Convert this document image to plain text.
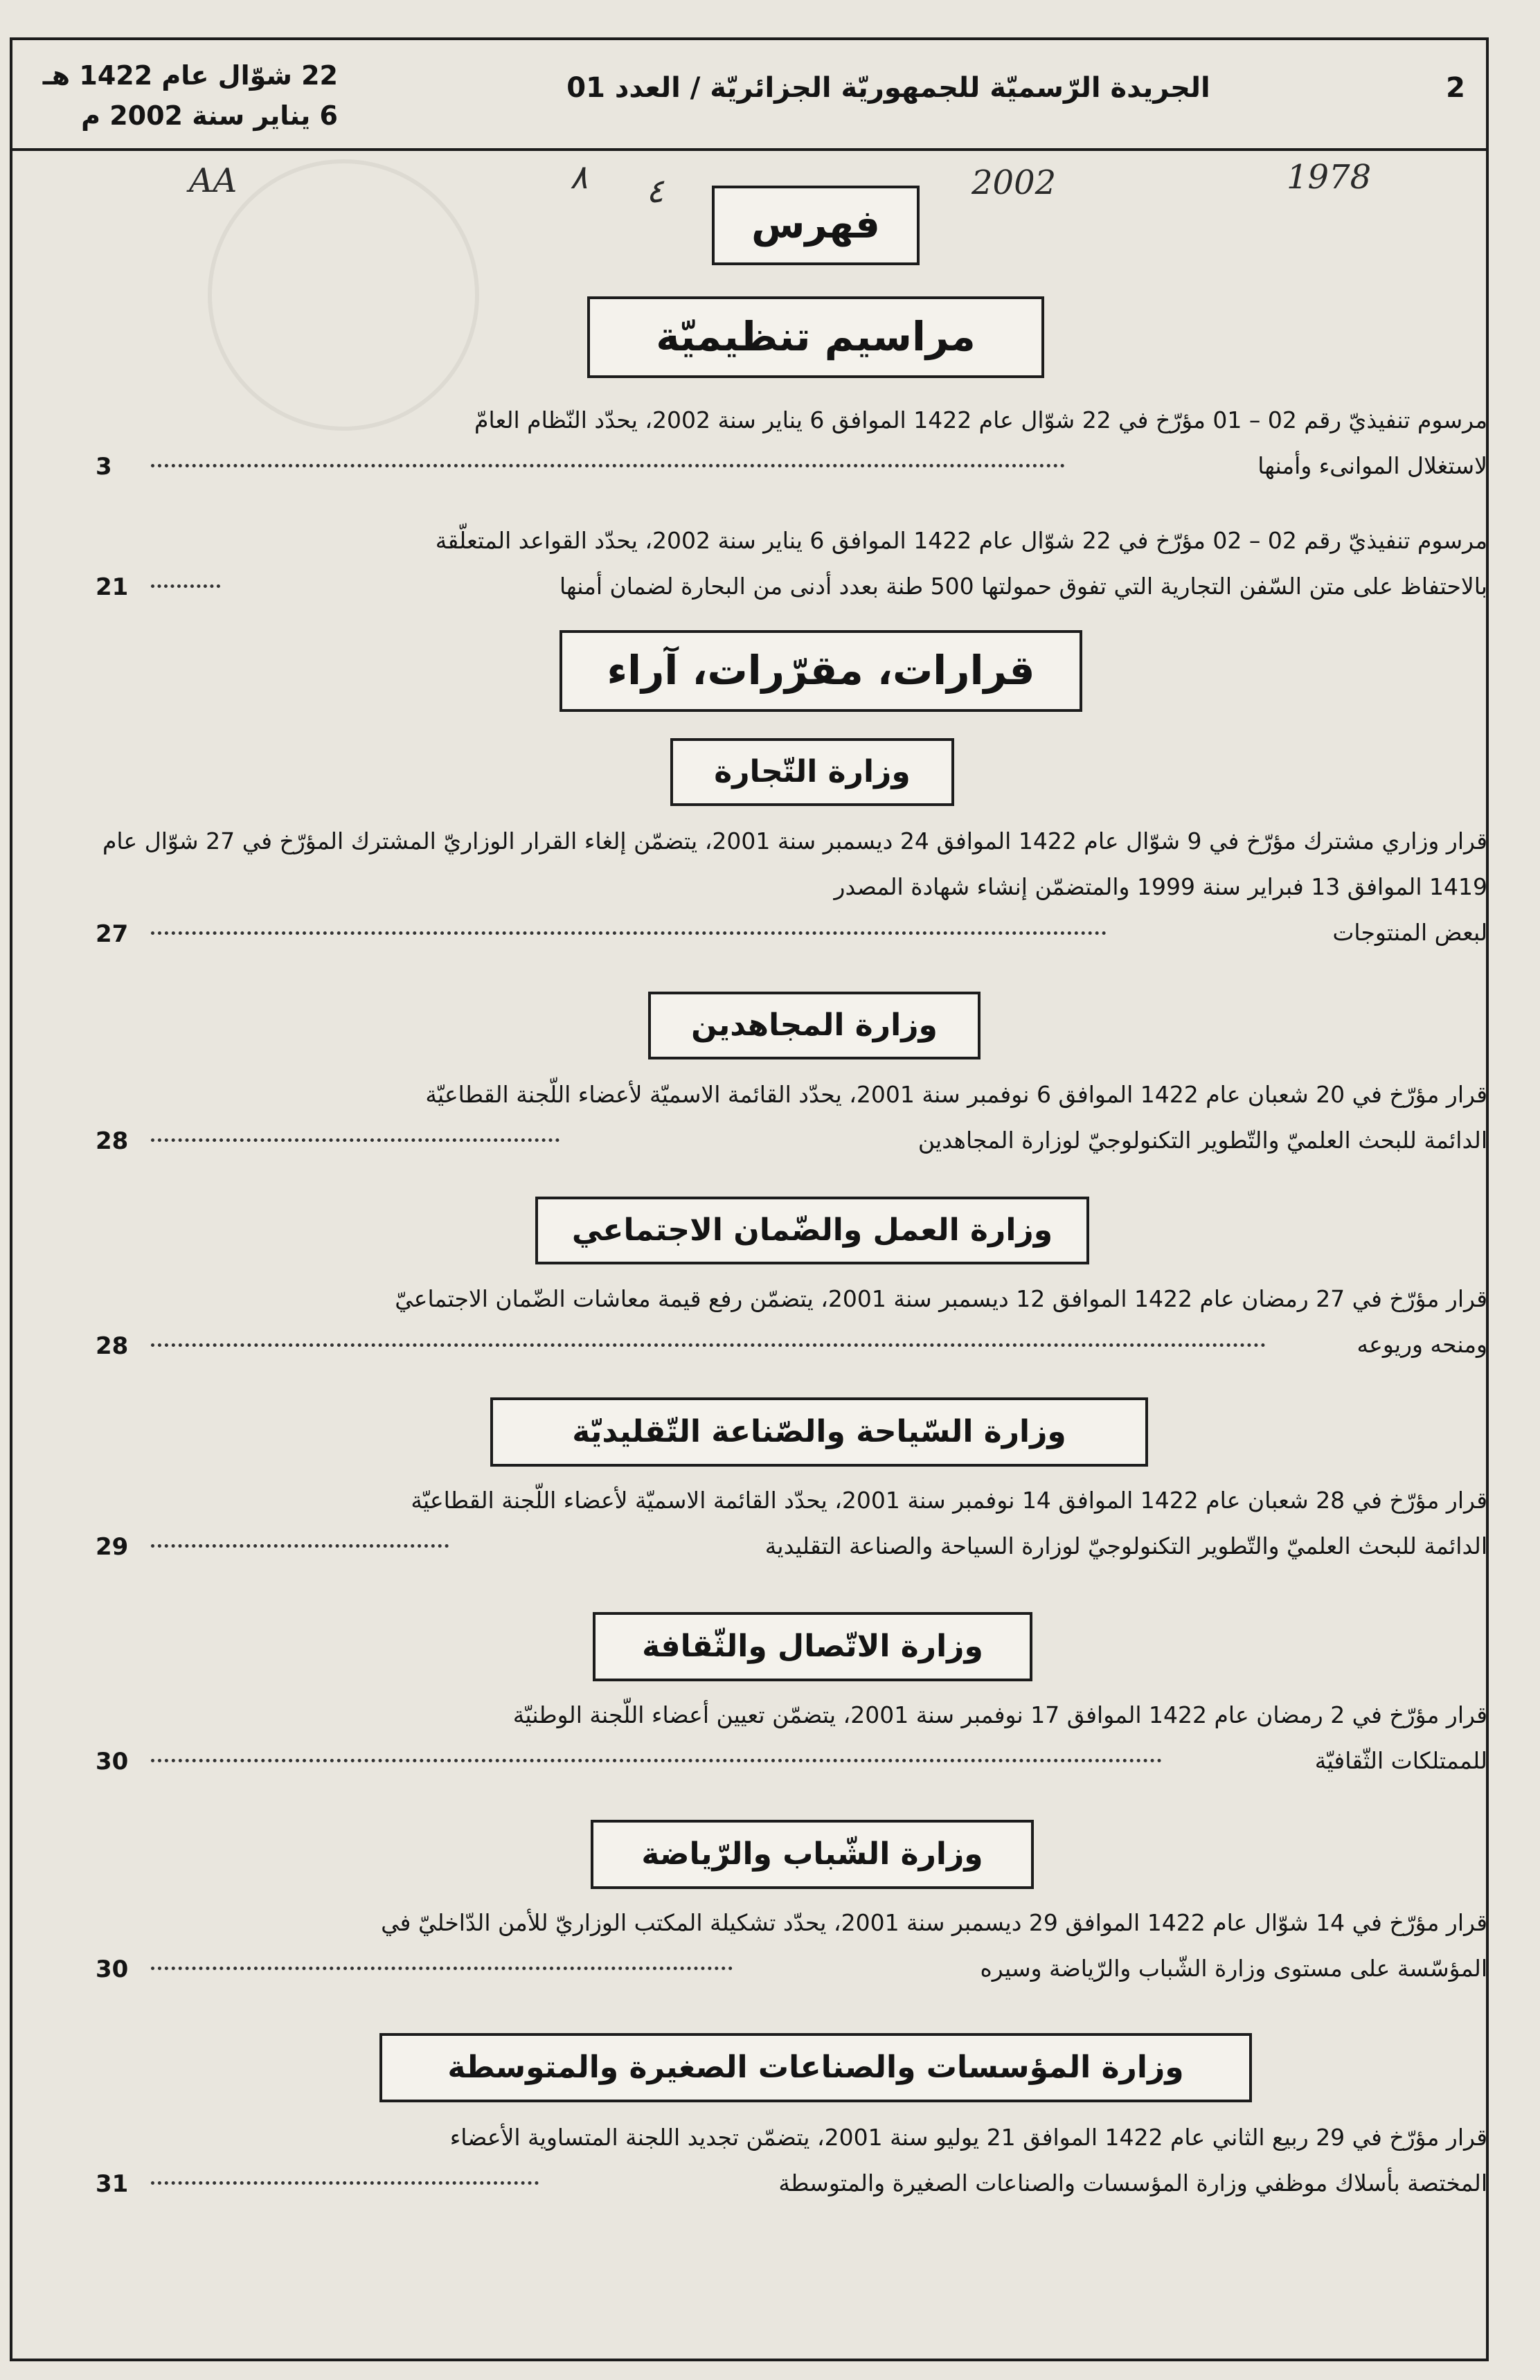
22 شوّال عام 1422 هـ
6 يناير سنة 2002 م
الجريدة الرّسميّة للجمهوريّة الجزائريّة / العدد 01	2
AA	٨ ٤	2002	1978
فهرس
مراسيم تنظيميّة
مرسوم تنفيذيّ رقم 02 – 01 مؤرّخ في 22 شوّال عام 1422 الموافق 6 يناير سنة 2002، يحدّد النّظام العامّ
لاستغلال الموانىء وأمنها
3
مرسوم تنفيذيّ رقم 02 – 02 مؤرّخ في 22 شوّال عام 1422 الموافق 6 يناير سنة 2002، يحدّد القواعد المتعلّقة
بالاحتفاظ على متن السّفن التجارية التي تفوق حمولتها 500 طنة بعدد أدنى من البحارة لضمان أمنها
21
قرارات، مقرّرات، آراء
وزارة التّجارة
قرار وزاري مشترك مؤرّخ في 9 شوّال عام 1422 الموافق 24 ديسمبر سنة 2001، يتضمّن إلغاء القرار الوزاريّ المشترك المؤرّخ في 27 شوّال عام 1419 الموافق 13 فبراير سنة 1999 والمتضمّن إنشاء شهادة المصدر
لبعض المنتوجات
27
وزارة المجاهدين
قرار مؤرّخ في 20 شعبان عام 1422 الموافق 6 نوفمبر سنة 2001، يحدّد القائمة الاسميّة لأعضاء اللّجنة القطاعيّة
الدائمة للبحث العلميّ والتّطوير التكنولوجيّ لوزارة المجاهدين
28
وزارة العمل والضّمان الاجتماعي
قرار مؤرّخ في 27 رمضان عام 1422 الموافق 12 ديسمبر سنة 2001، يتضمّن رفع قيمة معاشات الضّمان الاجتماعيّ
ومنحه وريوعه
28
وزارة السّياحة والصّناعة التّقليديّة
قرار مؤرّخ في 28 شعبان عام 1422 الموافق 14 نوفمبر سنة 2001، يحدّد القائمة الاسميّة لأعضاء اللّجنة القطاعيّة
الدائمة للبحث العلميّ والتّطوير التكنولوجيّ لوزارة السياحة والصناعة التقليدية
29
وزارة الاتّصال والثّقافة
قرار مؤرّخ في 2 رمضان عام 1422 الموافق 17 نوفمبر سنة 2001، يتضمّن تعيين أعضاء اللّجنة الوطنيّة
للممتلكات الثّقافيّة
30
وزارة الشّباب والرّياضة
قرار مؤرّخ في 14 شوّال عام 1422 الموافق 29 ديسمبر سنة 2001، يحدّد تشكيلة المكتب الوزاريّ للأمن الدّاخليّ في
المؤسّسة على مستوى وزارة الشّباب والرّياضة وسيره
30
وزارة المؤسسات والصناعات الصغيرة والمتوسطة
قرار مؤرّخ في 29 ربيع الثاني عام 1422 الموافق 21 يوليو سنة 2001، يتضمّن تجديد اللجنة المتساوية الأعضاء
المختصة بأسلاك موظفي وزارة المؤسسات والصناعات الصغيرة والمتوسطة
31
